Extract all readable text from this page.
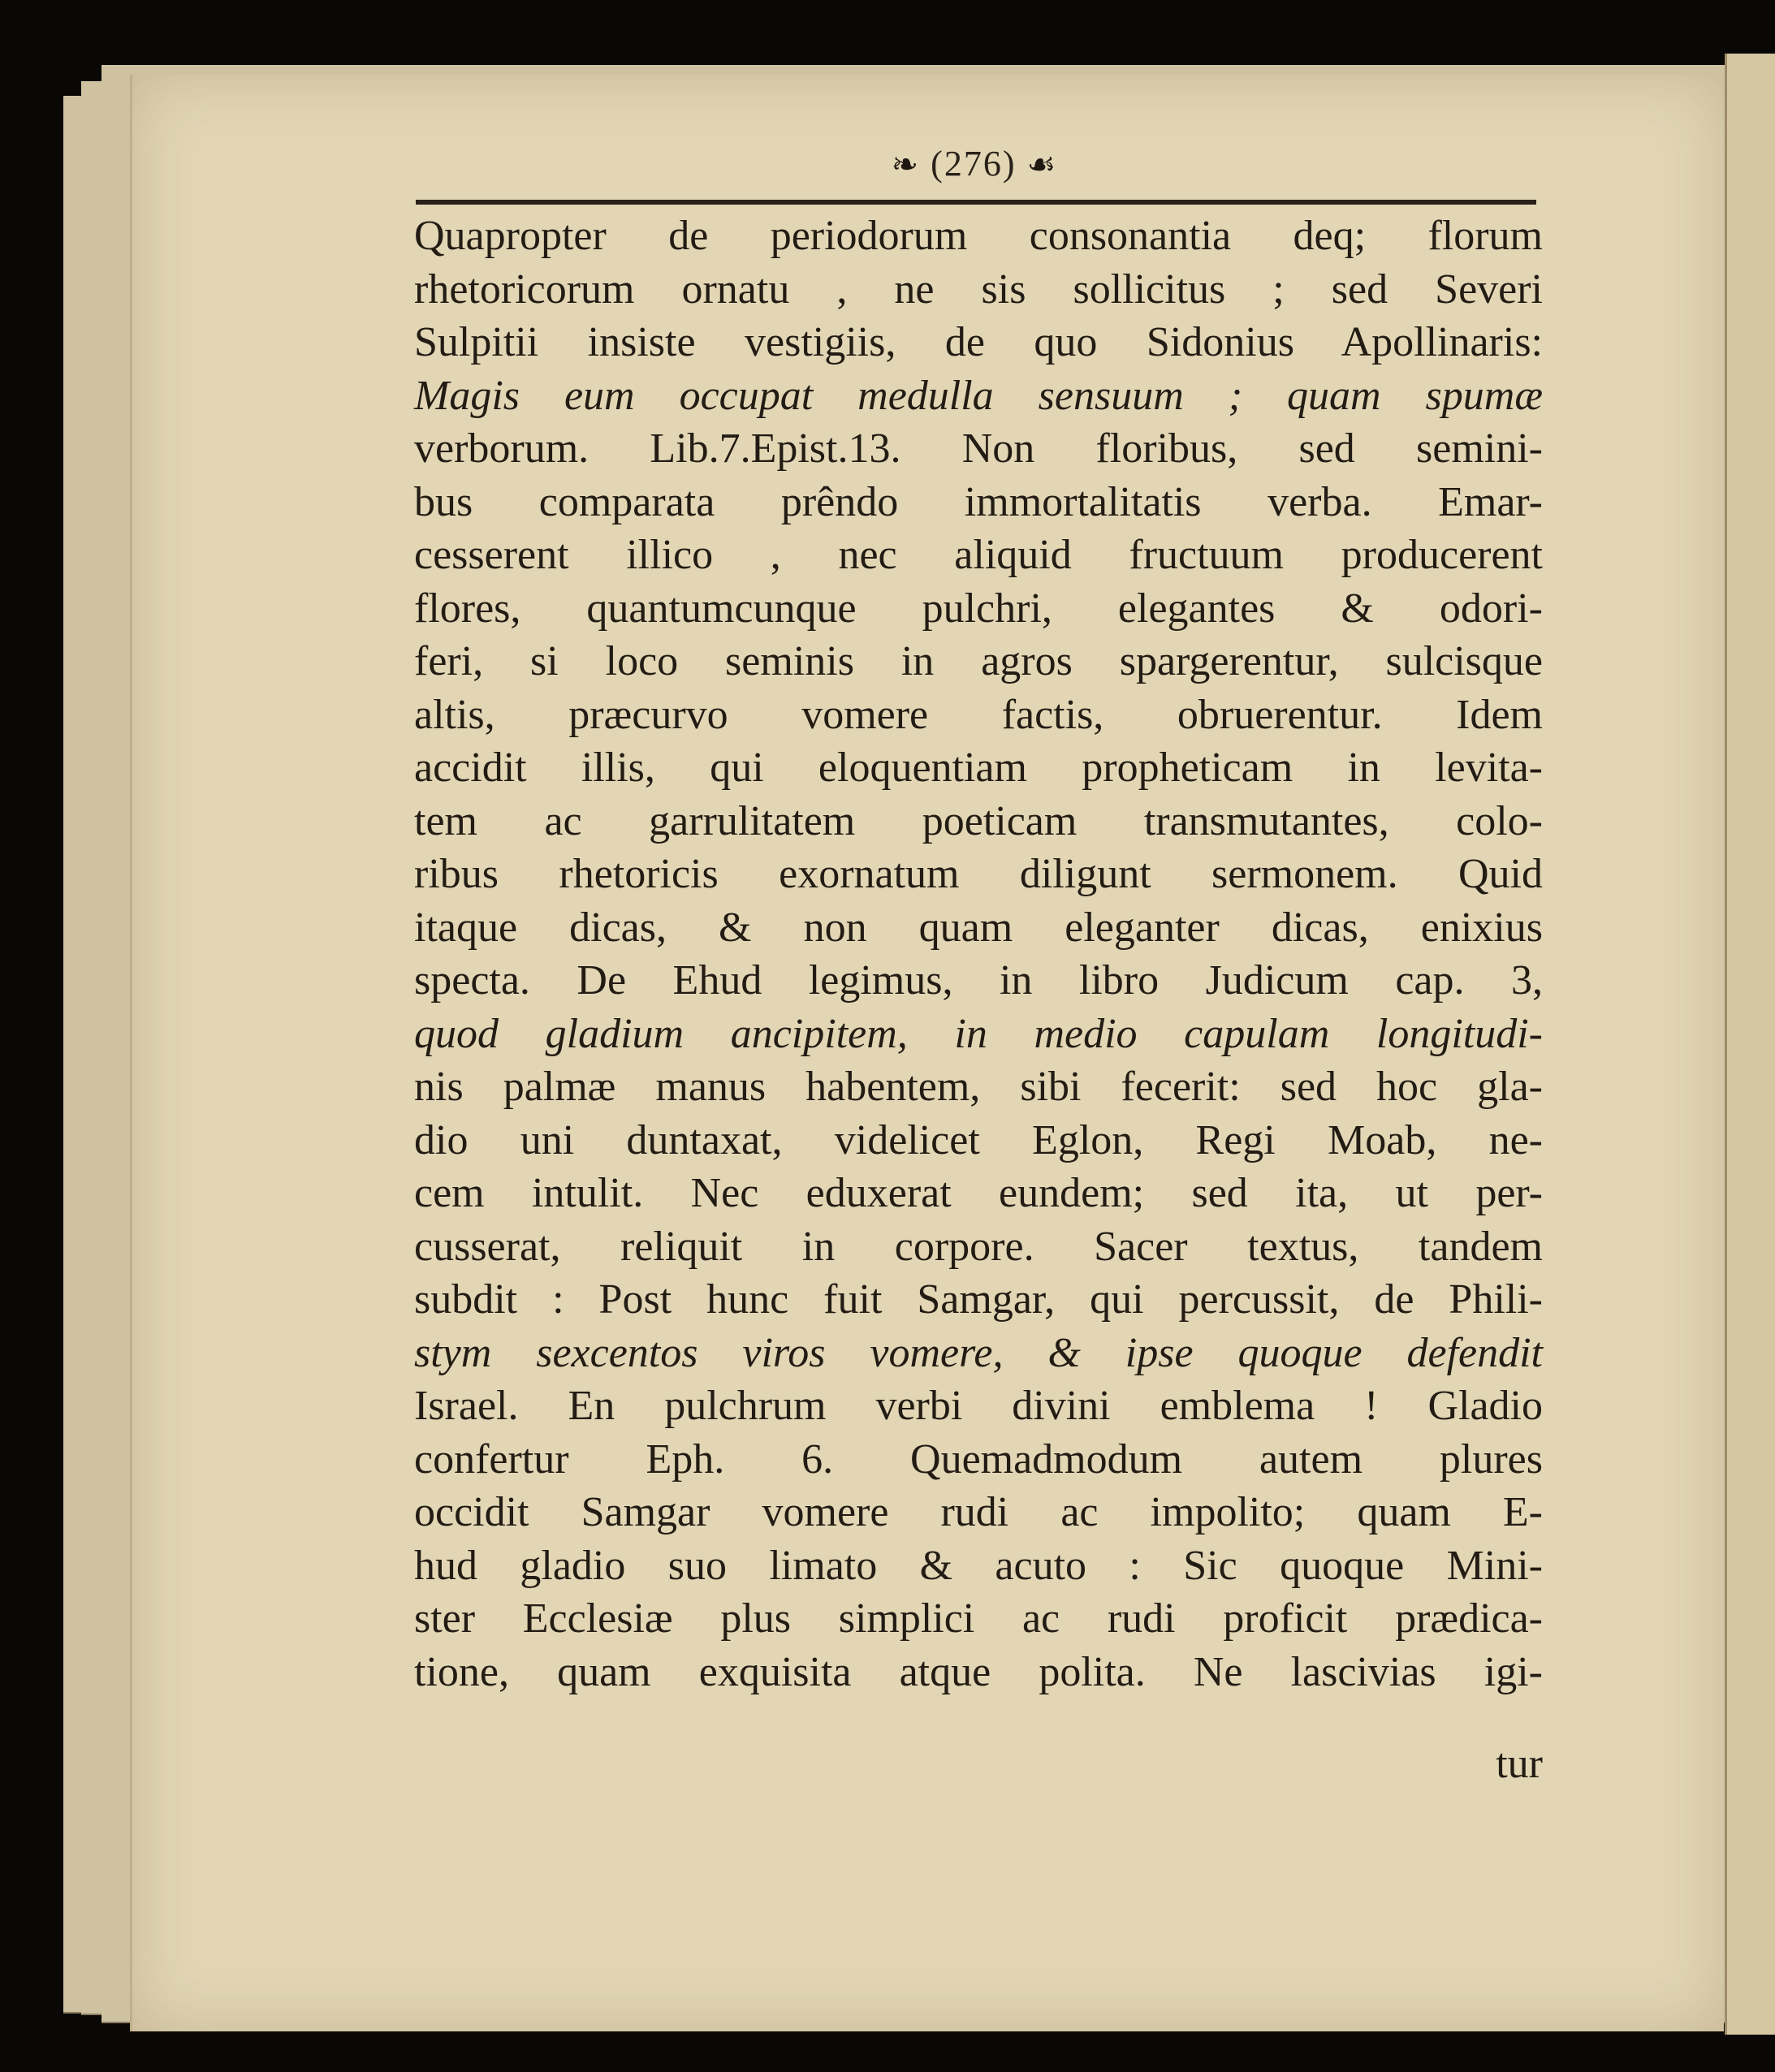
❧ (276) ☙
Quapropter de periodorum consonantia deq; florum
rhetoricorum ornatu , ne sis sollicitus ; sed Severi
Sulpitii insiste vestigiis, de quo Sidonius Apollinaris:
Magis eum occupat medulla sensuum ; quam spumæ
verborum. Lib.7.Epist.13. Non floribus, sed semini-
bus comparata prêndo immortalitatis verba. Emar-
cesserent illico , nec aliquid fructuum producerent
flores, quantumcunque pulchri, elegantes & odori-
feri, si loco seminis in agros spargerentur, sulcisque
altis, præcurvo vomere factis, obruerentur. Idem
accidit illis, qui eloquentiam propheticam in levita-
tem ac garrulitatem poeticam transmutantes, colo-
ribus rhetoricis exornatum diligunt sermonem. Quid
itaque dicas, & non quam eleganter dicas, enixius
specta. De Ehud legimus, in libro Judicum cap. 3,
quod gladium ancipitem, in medio capulam longitudi-
nis palmæ manus habentem, sibi fecerit: sed hoc gla-
dio uni duntaxat, videlicet Eglon, Regi Moab, ne-
cem intulit. Nec eduxerat eundem; sed ita, ut per-
cusserat, reliquit in corpore. Sacer textus, tandem
subdit : Post hunc fuit Samgar, qui percussit, de Phili-
stym sexcentos viros vomere, & ipse quoque defendit
Israel. En pulchrum verbi divini emblema ! Gladio
confertur Eph. 6. Quemadmodum autem plures
occidit Samgar vomere rudi ac impolito; quam E-
hud gladio suo limato & acuto : Sic quoque Mini-
ster Ecclesiæ plus simplici ac rudi proficit prædica-
tione, quam exquisita atque polita. Ne lascivias igi-
tur
